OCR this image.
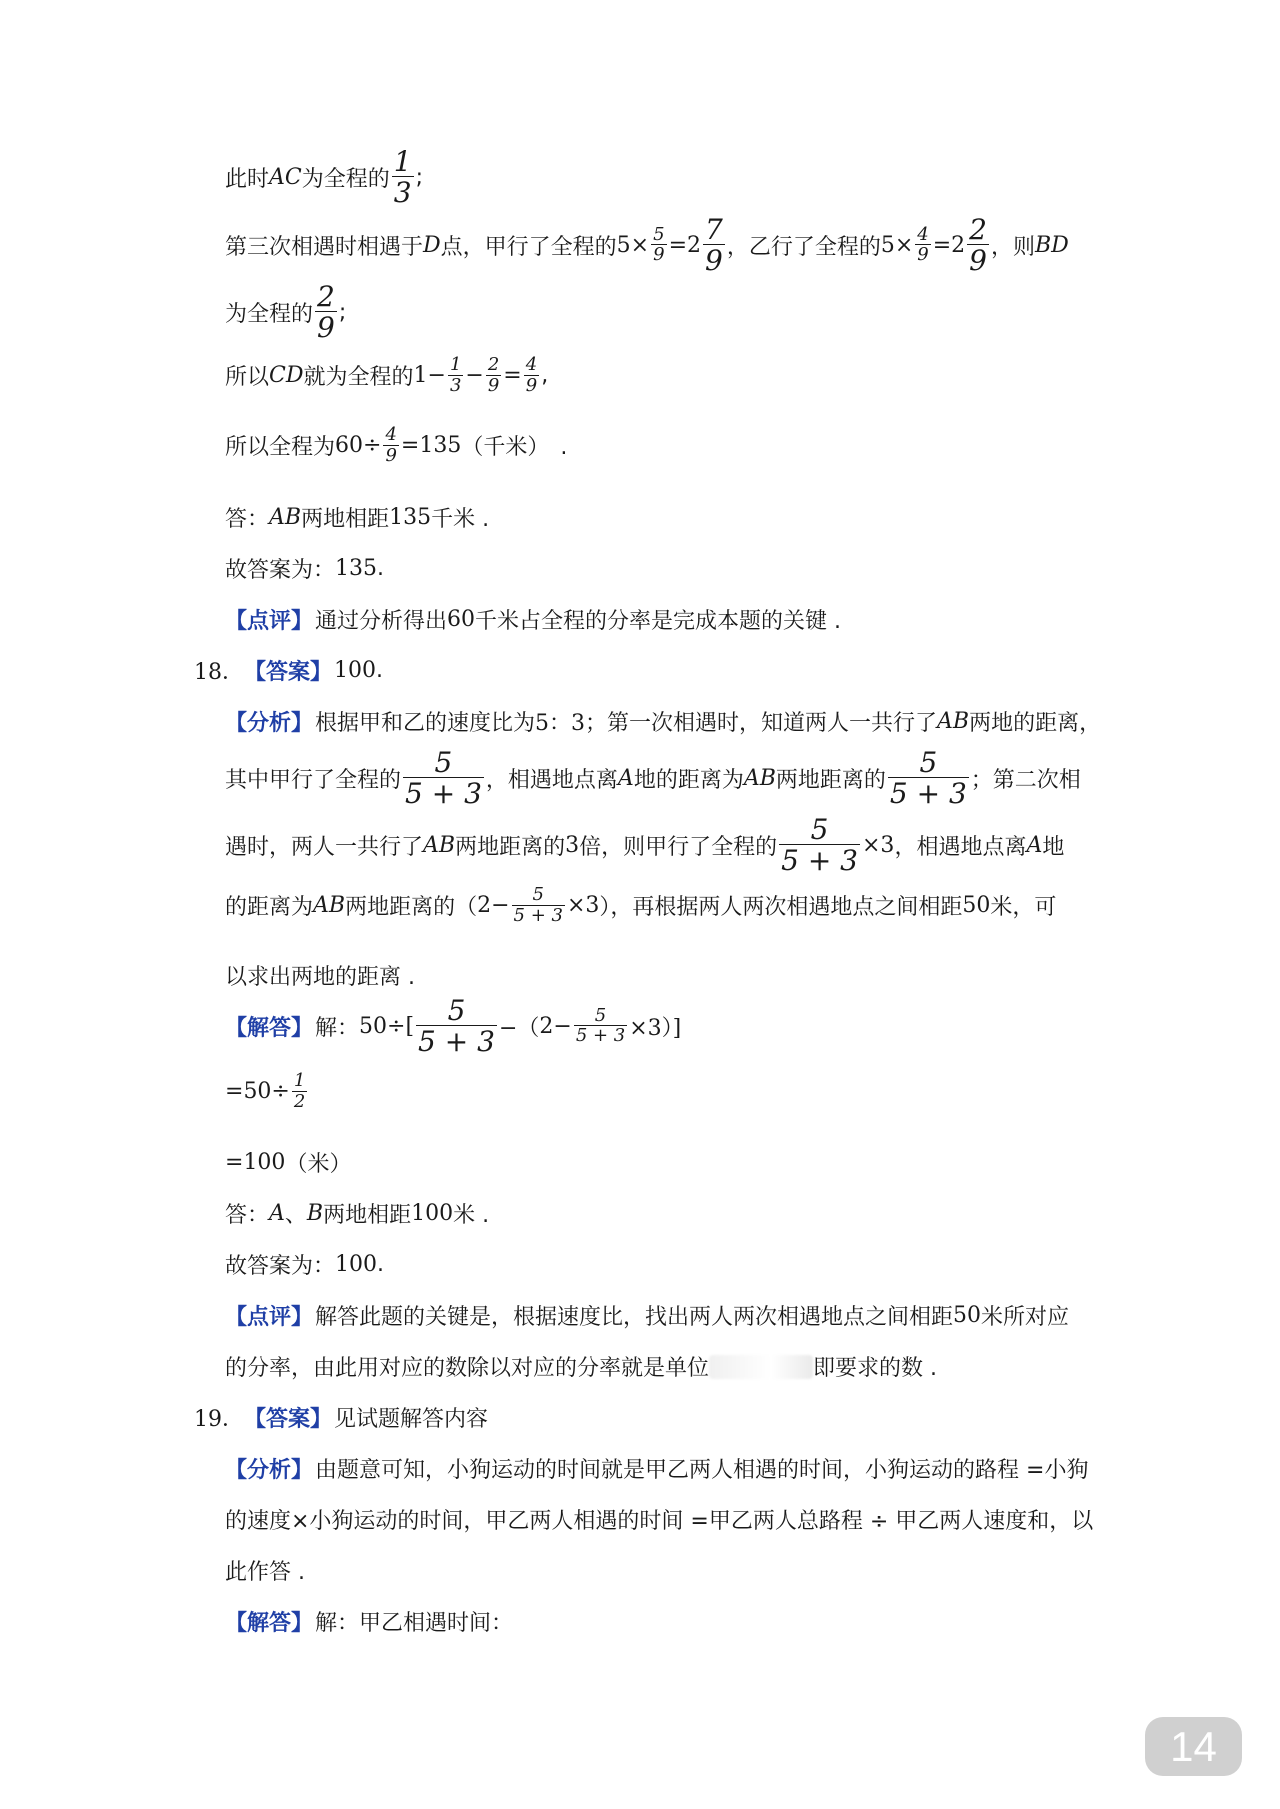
此时 AC 为全程的 $\frac{1}{3}$ ;
第三次相遇时相遇于 D 点，甲行了全程的 $5\times \frac{5}{9} =2 \frac{7}{9}$ ，乙行了全程的 $5\times \frac{4}{9} =2 \frac{2}{9}$ ，则 BD
为全程的 $\frac{2}{9}$ ;
所以 CD 就为全程的 $1- \frac{1}{3} - \frac{2}{9} = \frac{4}{9}$ ,
所以全程为 $60\div \frac{4}{9} =135$ （千米）　.
答： AB 两地相距 135 千米 .
故答案为： 135 .
【点评】 通过分析得出 60 千米占全程的分率是完成本题的关键 .
18． 【答案】 100 .
【分析】 根据甲和乙的速度比为 5：3 ；第一次相遇时，知道两人一共行了 AB 两地的距离，
其中甲行了全程的 $\frac{5}{5 + 3}$ ，相遇地点离 A 地的距离为 AB 两地距离的 $\frac{5}{5 + 3}$ ；第二次相
遇时，两人一共行了 AB 两地距离的 3 倍，则甲行了全程的 $\frac{5}{5 + 3} \times 3$ ，相遇地点离 A 地
的距离为 AB 两地距离的（ $2- \frac{5}{5 + 3} \times 3$ ），再根据两人两次相遇地点之间相距 50 米，可
以求出两地的距离 .
【解答】 解： $50\div[ \frac{5}{5 + 3}$ −（ $2- \frac{5}{5 + 3} \times 3$）]
= $50\div \frac{1}{2}$
= 100 （米）
答： A 、 B 两地相距 100 米 .
故答案为： 100 .
【点评】 解答此题的关键是，根据速度比，找出两人两次相遇地点之间相距 50 米所对应
的分率，由此用对应的数除以对应的分率就是单位	即要求的数 .
19． 【答案】 见试题解答内容
【分析】 由题意可知，小狗运动的时间就是甲乙两人相遇的时间，小狗运动的路程 =小狗
的速度×小狗运动的时间，甲乙两人相遇的时间 =甲乙两人总路程 ÷ 甲乙两人速度和，以
此作答 .
【解答】 解：甲乙相遇时间：
14
